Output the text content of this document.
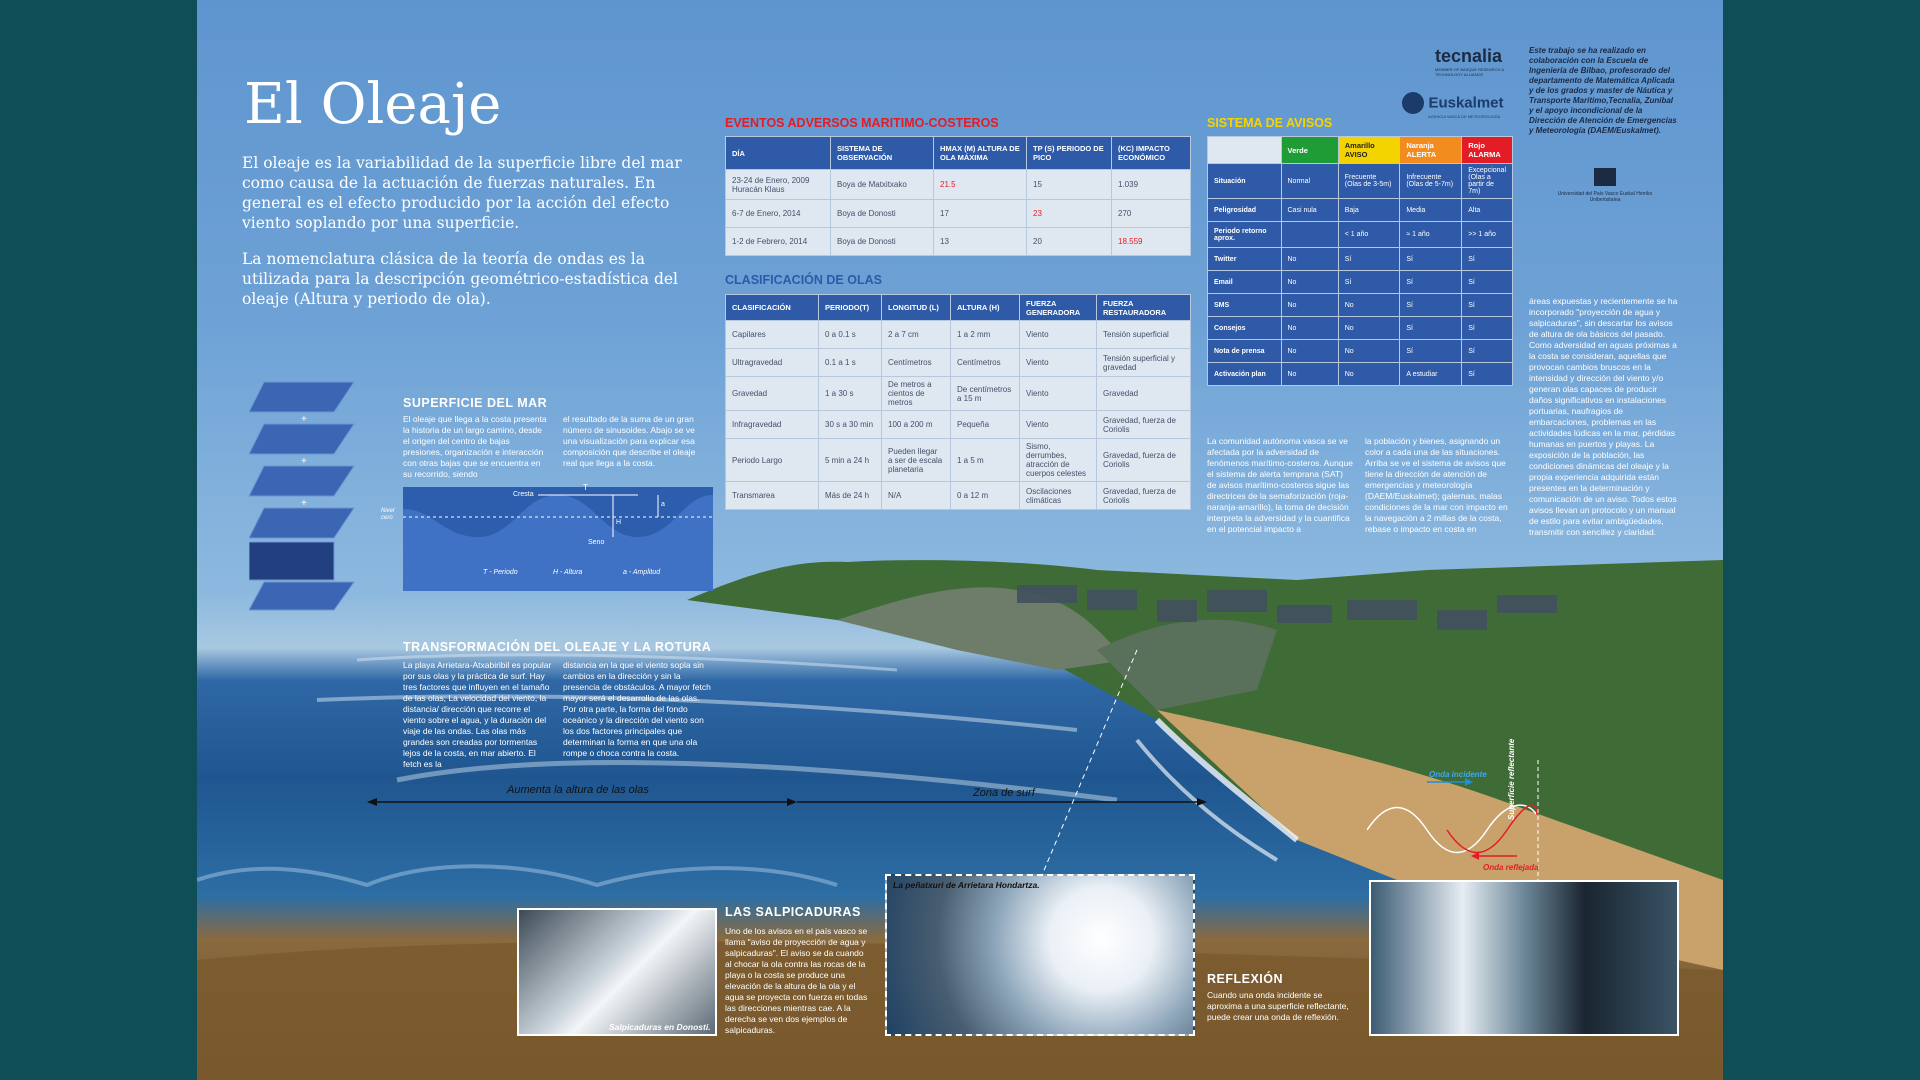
El Oleaje

El oleaje es la variabilidad de la superficie libre del mar como causa de la actuación de fuerzas naturales. En general es el efecto producido por la acción del efecto viento soplando por una superficie.

La nomenclatura clásica de la teoría de ondas es la utilizada para la descripción geométrico-estadística del oleaje (Altura y periodo de ola).

+
+
+
SUPERFICIE DEL MAR

El oleaje que llega a la costa presenta la historia de un largo camino, desde el origen del centro de bajas presiones, organización e interacción con otras bajas que se encuentra en su recorrido, siendo

el resultado de la suma de un gran número de sinusoides. Abajo se ve una visualización para explicar esa composición que describe el oleaje real que llega a la costa.

Cresta
T
H
a
Seno
T - Periodo	H - Altura	a - Amplitud
Nivel cero
EVENTOS ADVERSOS MARITIMO-COSTEROS
DÍA	SISTEMA DE OBSERVACIÓN	HMAX (M) ALTURA DE OLA MÁXIMA	TP (S) PERIODO DE PICO	(KC) IMPACTO ECONÓMICO
23-24 de Enero, 2009 Huracán Klaus	Boya de Matxitxako	21.5	15	1.039
6-7 de Enero, 2014	Boya de Donosti	17	23	270
1-2 de Febrero, 2014	Boya de Donosti	13	20	18.559
CLASIFICACIÓN DE OLAS
CLASIFICACIÓN	PERIODO(T)	LONGITUD (L)	ALTURA (H)	FUERZA GENERADORA	FUERZA RESTAURADORA
Capilares	0 a 0.1 s	2 a 7 cm	1 a 2 mm	Viento	Tensión superficial
Ultragravedad	0.1 a 1 s	Centímetros	Centímetros	Viento	Tensión superficial y gravedad
Gravedad	1 a 30 s	De metros a cientos de metros	De centímetros a 15 m	Viento	Gravedad
Infragravedad	30 s a 30 min	100 a 200 m	Pequeña	Viento	Gravedad, fuerza de Coriolis
Periodo Largo	5 min a 24 h	Pueden llegar a ser de escala planetaria	1 a 5 m	Sismo, derrumbes, atracción de cuerpos celestes	Gravedad, fuerza de Coriolis
Transmarea	Más de 24 h	N/A	0 a 12 m	Oscilaciones climáticas	Gravedad, fuerza de Coriolis
SISTEMA DE AVISOS
	Verde	Amarillo AVISO	Naranja ALERTA	Rojo ALARMA
Situación	Normal	Frecuente (Olas de 3-5m)	Infrecuente (Olas de 5-7m)	Excepcional (Olas a partir de 7m)
Peligrosidad	Casi nula	Baja	Media	Alta
Periodo retorno aprox.		< 1 año	≈ 1 año	>> 1 año
Twitter	No	Sí	Sí	Sí
Email	No	Sí	Sí	Sí
SMS	No	No	Sí	Sí
Consejos	No	No	Sí	Sí
Nota de prensa	No	No	Sí	Sí
Activación plan	No	No	A estudiar	Sí

La comunidad autónoma vasca se ve afectada por la adversidad de fenómenos marítimo-costeros. Aunque el sistema de alerta temprana (SAT) de avisos marítimo-costeros sigue las directrices de la semaforización (roja-naranja-amarillo), la toma de decisión interpreta la adversidad y la cuantifica en el potencial impacto a

la población y bienes, asignando un color a cada una de las situaciones. Arriba se ve el sistema de avisos que tiene la dirección de atención de emergencias y meteorología (DAEM/Euskalmet); galernas, malas condiciones de la mar con impacto en la navegación a 2 millas de la costa, rebase o impacto en costa en

áreas expuestas y recientemente se ha incorporado "proyección de agua y salpicaduras", sin descartar los avisos de altura de ola básicos del pasado. Como adversidad en aguas próximas a la costa se consideran, aquellas que provocan cambios bruscos en la intensidad y dirección del viento y/o generan olas capaces de producir daños significativos en instalaciones portuarias, naufragios de embarcaciones, problemas en las actividades lúdicas en la mar, pérdidas humanas en puertos y playas. La exposición de la población, las condiciones dinámicas del oleaje y la propia experiencia adquirida están presentes en la determinación y comunicación de un aviso. Todos estos avisos llevan un protocolo y un manual de estilo para evitar ambigüedades, transmitir con sencillez y claridad.

tecnalia
MEMBER OF BASQUE RESEARCH & TECHNOLOGY ALLIANCE
Euskalmet
AGENCIA VASCA DE METEOROLOGÍA

Este trabajo se ha realizado en colaboración con la Escuela de Ingeniería de Bilbao, profesorado del departamento de Matemática Aplicada y de los grados y master de Náutica y Transporte Marítimo,Tecnalia, Zunibal y el apoyo incondicional de la Dirección de Atención de Emergencias y Meteorología (DAEM/Euskalmet).

Universidad del País Vasco Euskal Herriko Unibertsitatea
TRANSFORMACIÓN DEL OLEAJE Y LA ROTURA

La playa Arrietara-Atxabiribil es popular por sus olas y la práctica de surf. Hay tres factores que influyen en el tamaño de las olas; La velocidad del viento, la distancia/ dirección que recorre el viento sobre el agua, y la duración del viaje de las ondas. Las olas más grandes son creadas por tormentas lejos de la costa, en mar abierto. El fetch es la

distancia en la que el viento sopla sin cambios en la dirección y sin la presencia de obstáculos. A mayor fetch mayor será el desarrollo de las olas. Por otra parte, la forma del fondo oceánico y la dirección del viento son los dos factores principales que determinan la forma en que una ola rompe o choca contra la costa.

Aumenta la altura de las olas	Zona de surf
Salpicaduras en Donosti.
LAS SALPICADURAS

Uno de los avisos en el país vasco se llama "aviso de proyección de agua y salpicaduras". El aviso se da cuando al chocar la ola contra las rocas de la playa o la costa se produce una elevación de la altura de la ola y el agua se proyecta con fuerza en todas las direcciones mientras cae. A la derecha se ven dos ejemplos de salpicaduras.

La peñatxuri de Arrietara Hondartza.
REFLEXIÓN

Cuando una onda incidente se aproxima a una superficie reflectante, puede crear una onda de reflexión.

Onda incidente
Onda reflejada
Superficie reflectante
